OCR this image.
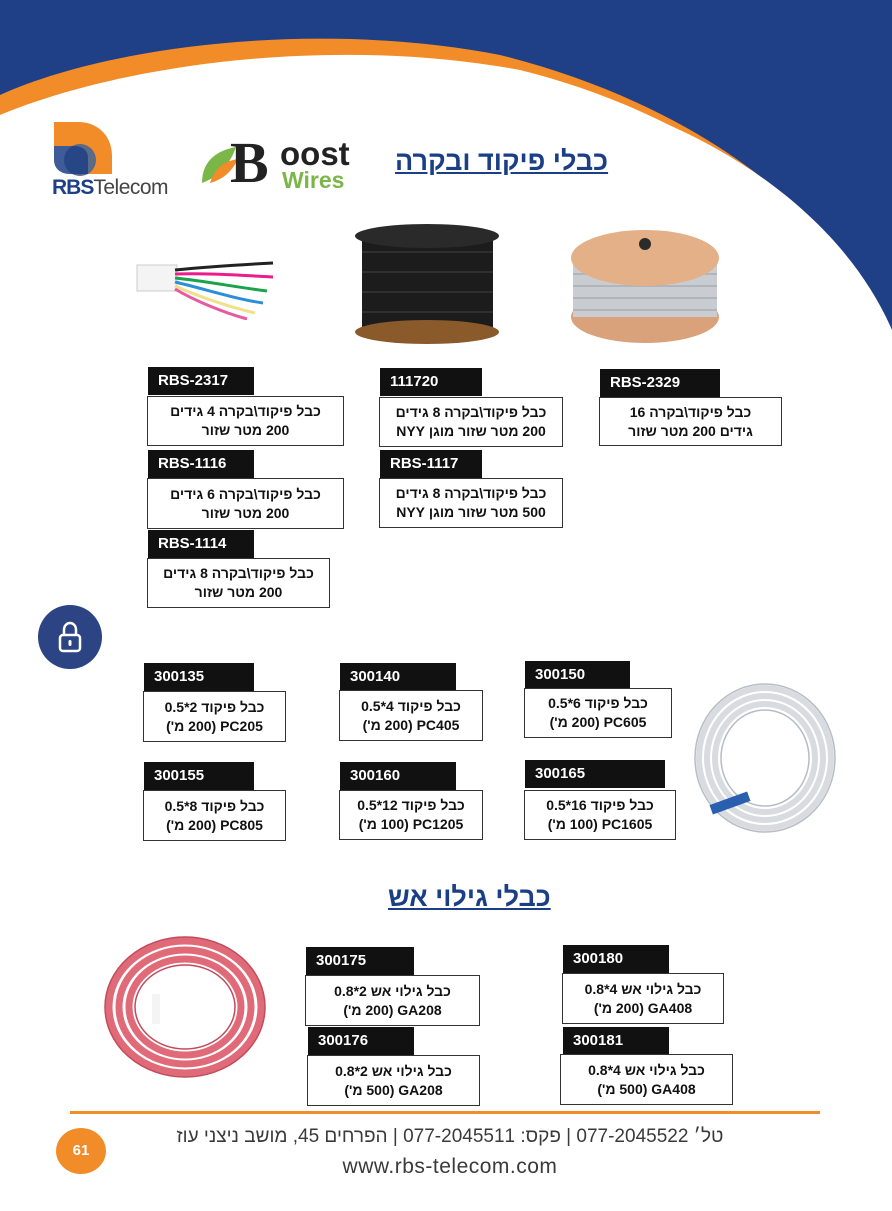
RBSTelecom B oost
Wires
כבלי פיקוד ובקרה
RBS-2317
כבל פיקוד\בקרה 4 גידים
200 מטר שזור
111720
כבל פיקוד\בקרה 8 גידים
200 מטר שזור מוגן NYY
RBS-2329
כבל פיקוד\בקרה 16
גידים 200 מטר שזור
RBS-1116
כבל פיקוד\בקרה 6 גידים
200 מטר שזור
RBS-1117
כבל פיקוד\בקרה 8 גידים
500 מטר שזור מוגן NYY
RBS-1114
כבל פיקוד\בקרה 8 גידים
200 מטר שזור
300135
כבל פיקוד 2*0.5
PC205 (200 מ')
300140
כבל פיקוד 4*0.5
PC405 (200 מ')
300150
כבל פיקוד 6*0.5
PC605 (200 מ')
300155
כבל פיקוד 8*0.5
PC805 (200 מ')
300160
כבל פיקוד 12*0.5
PC1205 (100 מ')
300165
כבל פיקוד 16*0.5
PC1605 (100 מ')
כבלי גילוי אש
300175
כבל גילוי אש 2*0.8
GA208 (200 מ')
300180
כבל גילוי אש 4*0.8
GA408 (200 מ')
300176
כבל גילוי אש 2*0.8
GA208 (500 מ')
300181
כבל גילוי אש 4*0.8
GA408 (500 מ')
61
טל׳ 077-2045522 | פקס: 077-2045511 | הפרחים 45, מושב ניצני עוז
www.rbs-telecom.com
